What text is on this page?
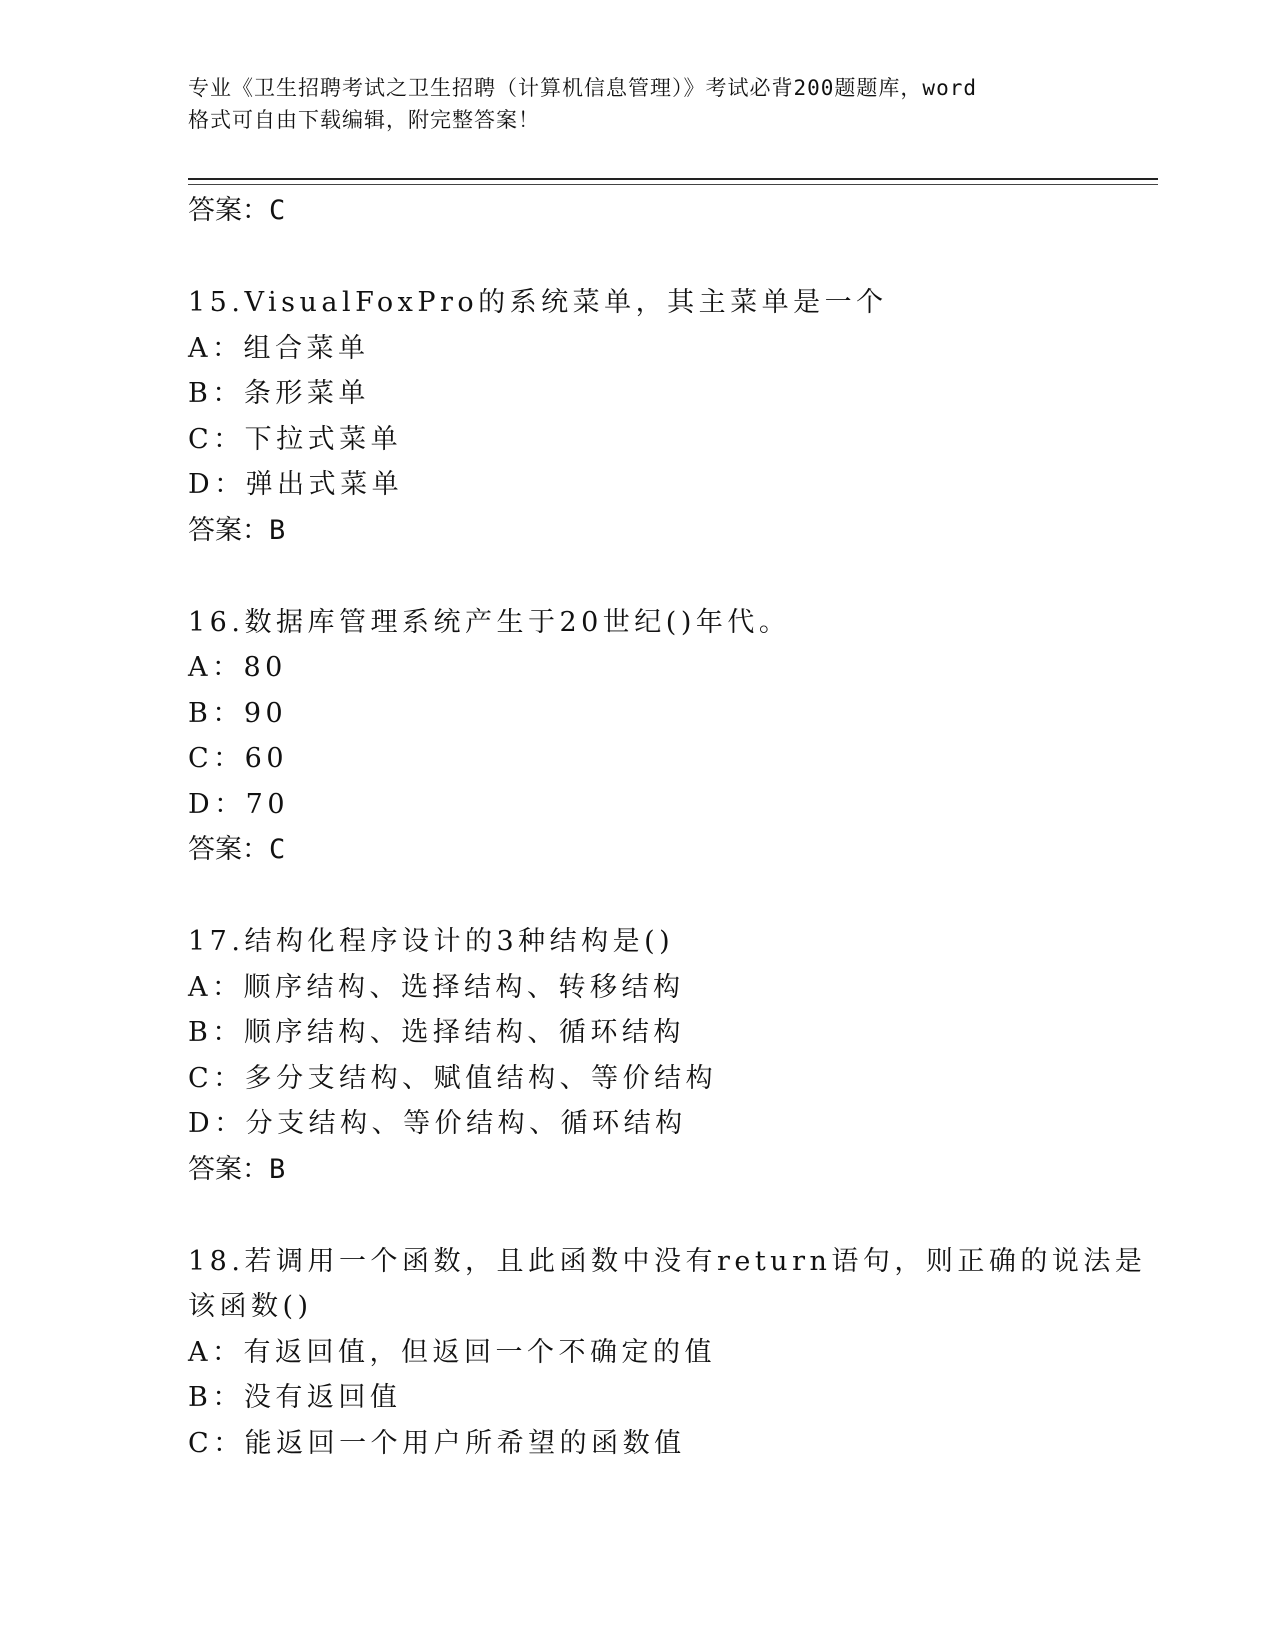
专业《卫生招聘考试之卫生招聘（计算机信息管理）》考试必背200题题库，word
格式可自由下载编辑，附完整答案！
答案：C
15.VisualFoxPro的系统菜单，其主菜单是一个
A：组合菜单
B：条形菜单
C：下拉式菜单
D：弹出式菜单
答案：B
16.数据库管理系统产生于20世纪()年代。
A：80
B：90
C：60
D：70
答案：C
17.结构化程序设计的3种结构是()
A：顺序结构、选择结构、转移结构
B：顺序结构、选择结构、循环结构
C：多分支结构、赋值结构、等价结构
D：分支结构、等价结构、循环结构
答案：B
18.若调用一个函数，且此函数中没有return语句，则正确的说法是
该函数()
A：有返回值，但返回一个不确定的值
B：没有返回值
C：能返回一个用户所希望的函数值
